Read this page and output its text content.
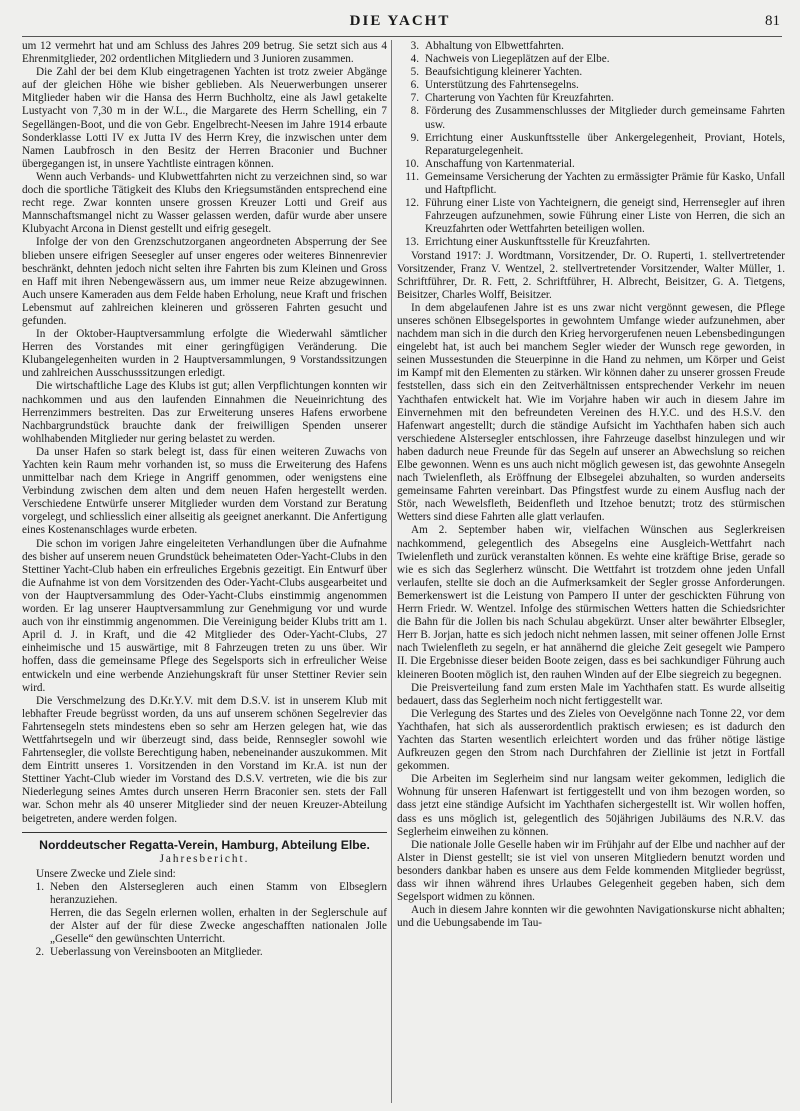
DIE YACHT	81

um 12 vermehrt hat und am Schluss des Jahres 209 betrug. Sie setzt sich aus 4 Ehrenmitglieder, 202 ordentlichen Mitgliedern und 3 Junioren zusammen.

Die Zahl der bei dem Klub eingetragenen Yachten ist trotz zweier Abgänge auf der gleichen Höhe wie bisher geblieben. Als Neuerwerbungen unserer Mitglieder haben wir die Hansa des Herrn Buchholtz, eine als Jawl getakelte Lustyacht von 7,30 m in der W.L., die Margarete des Herrn Schelling, ein 7 Segellängen-Boot, und die von Gebr. Engelbrecht-Neesen im Jahre 1914 erbaute Sonderklasse Lotti IV ex Jutta IV des Herrn Krey, die inzwischen unter dem Namen Laubfrosch in den Besitz der Herren Braconier und Buchner übergegangen ist, in unsere Yachtliste eintragen können.

Wenn auch Verbands- und Klubwettfahrten nicht zu verzeichnen sind, so war doch die sportliche Tätigkeit des Klubs den Kriegsumständen entsprechend eine recht rege. Zwar konnten unsere grossen Kreuzer Lotti und Greif aus Mannschaftsmangel nicht zu Wasser gelassen werden, dafür wurde aber unsere Klubyacht Arcona in Dienst gestellt und eifrig gesegelt.

Infolge der von den Grenzschutzorganen angeordneten Absperrung der See blieben unsere eifrigen Seesegler auf unser engeres oder weiteres Binnenrevier beschränkt, dehnten jedoch nicht selten ihre Fahrten bis zum Kleinen und Gross en Haff mit ihren Nebengewässern aus, um immer neue Reize abzugewinnen. Auch unsere Kameraden aus dem Felde haben Erholung, neue Kraft und frischen Lebensmut auf zahlreichen kleineren und grösseren Fahrten gesucht und gefunden.

In der Oktober-Hauptversammlung erfolgte die Wiederwahl sämtlicher Herren des Vorstandes mit einer geringfügigen Veränderung. Die Klubangelegenheiten wurden in 2 Hauptversammlungen, 9 Vorstandssitzungen und zahlreichen Ausschusssitzungen erledigt.

Die wirtschaftliche Lage des Klubs ist gut; allen Verpflichtungen konnten wir nachkommen und aus den laufenden Einnahmen die Neueinrichtung des Herrenzimmers bestreiten. Das zur Erweiterung unseres Hafens erworbene Nachbargrundstück brauchte dank der freiwilligen Spenden unserer wohlhabenden Mitglieder nur gering belastet zu werden.

Da unser Hafen so stark belegt ist, dass für einen weiteren Zuwachs von Yachten kein Raum mehr vorhanden ist, so muss die Erweiterung des Hafens unmittelbar nach dem Kriege in Angriff genommen, oder wenigstens eine Verbindung zwischen dem alten und dem neuen Hafen hergestellt werden. Verschiedene Entwürfe unserer Mitglieder wurden dem Vorstand zur Beratung vorgelegt, und schliesslich einer allseitig als geeignet anerkannt. Die Anfertigung eines Kostenanschlages wurde erbeten.

Die schon im vorigen Jahre eingeleiteten Verhandlungen über die Aufnahme des bisher auf unserem neuen Grundstück beheimateten Oder-Yacht-Clubs in den Stettiner Yacht-Club haben ein erfreuliches Ergebnis gezeitigt. Ein Entwurf über die Aufnahme ist von dem Vorsitzenden des Oder-Yacht-Clubs ausgearbeitet und von der Hauptversammlung des Oder-Yacht-Clubs einstimmig angenommen worden. Er lag unserer Hauptversammlung zur Genehmigung vor und wurde auch von ihr einstimmig angenommen. Die Vereinigung beider Klubs tritt am 1. April d. J. in Kraft, und die 42 Mitglieder des Oder-Yacht-Clubs, 27 einheimische und 15 auswärtige, mit 8 Fahrzeugen treten zu uns über. Wir hoffen, dass die gemeinsame Pflege des Segelsports sich in erfreulicher Weise entwickeln und eine werbende Anziehungskraft für unser Stettiner Revier sein wird.

Die Verschmelzung des D.Kr.Y.V. mit dem D.S.V. ist in unserem Klub mit lebhafter Freude begrüsst worden, da uns auf unserem schönen Segelrevier das Fahrtensegeln stets mindestens eben so sehr am Herzen gelegen hat, wie das Wettfahrtsegeln und wir überzeugt sind, dass beide, Rennsegler sowohl wie Fahrtensegler, die vollste Berechtigung haben, nebeneinander auszukommen. Mit dem Eintritt unseres 1. Vorsitzenden in den Vorstand im Kr.A. ist nun der Stettiner Yacht-Club wieder im Vorstand des D.S.V. vertreten, wie die bis zur Niederlegung seines Amtes durch unseren Herrn Braconier sen. stets der Fall war. Schon mehr als 40 unserer Mitglieder sind der neuen Kreuzer-Abteilung beigetreten, andere werden folgen.

Norddeutscher Regatta-Verein, Hamburg, Abteilung Elbe.
Jahresbericht.

Unsere Zwecke und Ziele sind:

1. Neben den Alstersegleren auch einen Stamm von Elbseglern heranzuziehen.
Herren, die das Segeln erlernen wollen, erhalten in der Seglerschule auf der Alster auf der für diese Zwecke angeschafften nationalen Jolle „Geselle“ den gewünschten Unterricht.
2. Ueberlassung von Vereinsbooten an Mitglieder.
3. Abhaltung von Elbwettfahrten.
4. Nachweis von Liegeplätzen auf der Elbe.
5. Beaufsichtigung kleinerer Yachten.
6. Unterstützung des Fahrtensegelns.
7. Charterung von Yachten für Kreuzfahrten.
8. Förderung des Zusammenschlusses der Mitglieder durch gemeinsame Fahrten usw.
9. Errichtung einer Auskunftsstelle über Ankergelegenheit, Proviant, Hotels, Reparaturgelegenheit.
10. Anschaffung von Kartenmaterial.
11. Gemeinsame Versicherung der Yachten zu ermässigter Prämie für Kasko, Unfall und Haftpflicht.
12. Führung einer Liste von Yachteignern, die geneigt sind, Herrensegler auf ihren Fahrzeugen aufzunehmen, sowie Führung einer Liste von Herren, die sich an Kreuzfahrten oder Wettfahrten beteiligen wollen.
13. Errichtung einer Auskunftsstelle für Kreuzfahrten.

Vorstand 1917: J. Wordtmann, Vorsitzender, Dr. O. Ruperti, 1. stellvertretender Vorsitzender, Franz V. Wentzel, 2. stellvertretender Vorsitzender, Walter Müller, 1. Schriftführer, Dr. R. Fett, 2. Schriftführer, H. Albrecht, Beisitzer, G. A. Tietgens, Beisitzer, Charles Wolff, Beisitzer.

In dem abgelaufenen Jahre ist es uns zwar nicht vergönnt gewesen, die Pflege unseres schönen Elbsegelsportes in gewohntem Umfange wieder aufzunehmen, aber nachdem man sich in die durch den Krieg hervorgerufenen neuen Lebensbedingungen eingelebt hat, ist auch bei manchem Segler wieder der Wunsch rege geworden, in seinen Mussestunden die Steuerpinne in die Hand zu nehmen, um Körper und Geist im Kampf mit den Elementen zu stärken. Wir können daher zu unserer grossen Freude feststellen, dass sich ein den Zeitverhältnissen entsprechender Verkehr im neuen Yachthafen entwickelt hat. Wie im Vorjahre haben wir auch in diesem Jahre im Einvernehmen mit den befreundeten Vereinen des H.Y.C. und des H.S.V. den Hafenwart angestellt; durch die ständige Aufsicht im Yachthafen haben sich auch verschiedene Alstersegler entschlossen, ihre Fahrzeuge daselbst hinzulegen und wir haben dadurch neue Freunde für das Segeln auf unserer an Abwechslung so reichen Elbe gewonnen. Wenn es uns auch nicht möglich gewesen ist, das gewohnte Ansegeln nach Twielenfleth, als Eröffnung der Elbsegelei abzuhalten, so wurden anderseits gemeinsame Fahrten vereinbart. Das Pfingstfest wurde zu einem Ausflug nach der Stör, nach Wewelsfleth, Beidenfleth und Itzehoe benutzt; trotz des stürmischen Wetters sind diese Fahrten alle glatt verlaufen.

Am 2. September haben wir, vielfachen Wünschen aus Seglerkreisen nachkommend, gelegentlich des Absegelns eine Ausgleich-Wettfahrt nach Twielenfleth und zurück veranstalten können. Es wehte eine kräftige Brise, gerade so wie es sich das Seglerherz wünscht. Die Wettfahrt ist trotzdem ohne jeden Unfall verlaufen, stellte sie doch an die Aufmerksamkeit der Segler grosse Anforderungen. Bemerkenswert ist die Leistung von Pampero II unter der geschickten Führung von Herrn Friedr. W. Wentzel. Infolge des stürmischen Wetters hatten die Schiedsrichter die Bahn für die Jollen bis nach Schulau abgekürzt. Unser alter bewährter Elbsegler, Herr B. Jorjan, hatte es sich jedoch nicht nehmen lassen, mit seiner offenen Jolle Ernst nach Twielenfleth zu segeln, er hat annähernd die gleiche Zeit gesegelt wie Pampero II. Die Ergebnisse dieser beiden Boote zeigen, dass es bei sachkundiger Führung auch kleineren Booten möglich ist, den rauhen Winden auf der Elbe siegreich zu begegnen.

Die Preisverteilung fand zum ersten Male im Yachthafen statt. Es wurde allseitig bedauert, dass das Seglerheim noch nicht fertiggestellt war.

Die Verlegung des Startes und des Zieles von Oevelgönne nach Tonne 22, vor dem Yachthafen, hat sich als ausserordentlich praktisch erwiesen; es ist dadurch den Yachten das Starten wesentlich erleichtert worden und das früher nötige lästige Aufkreuzen gegen den Strom nach Durchfahren der Ziellinie ist jetzt in Fortfall gekommen.

Die Arbeiten im Seglerheim sind nur langsam weiter gekommen, lediglich die Wohnung für unseren Hafenwart ist fertiggestellt und von ihm bezogen worden, so dass jetzt eine ständige Aufsicht im Yachthafen sichergestellt ist. Wir wollen hoffen, dass es uns möglich ist, gelegentlich des 50jährigen Jubiläums des N.R.V. das Seglerheim einweihen zu können.

Die nationale Jolle Geselle haben wir im Frühjahr auf der Elbe und nachher auf der Alster in Dienst gestellt; sie ist viel von unseren Mitgliedern benutzt worden und besonders dankbar haben es unsere aus dem Felde kommenden Mitglieder begrüsst, dass wir ihnen während ihres Urlaubes Gelegenheit gegeben haben, sich dem Segelsport widmen zu können.

Auch in diesem Jahre konnten wir die gewohnten Navigationskurse nicht abhalten; und die Uebungsabende im Tau-
